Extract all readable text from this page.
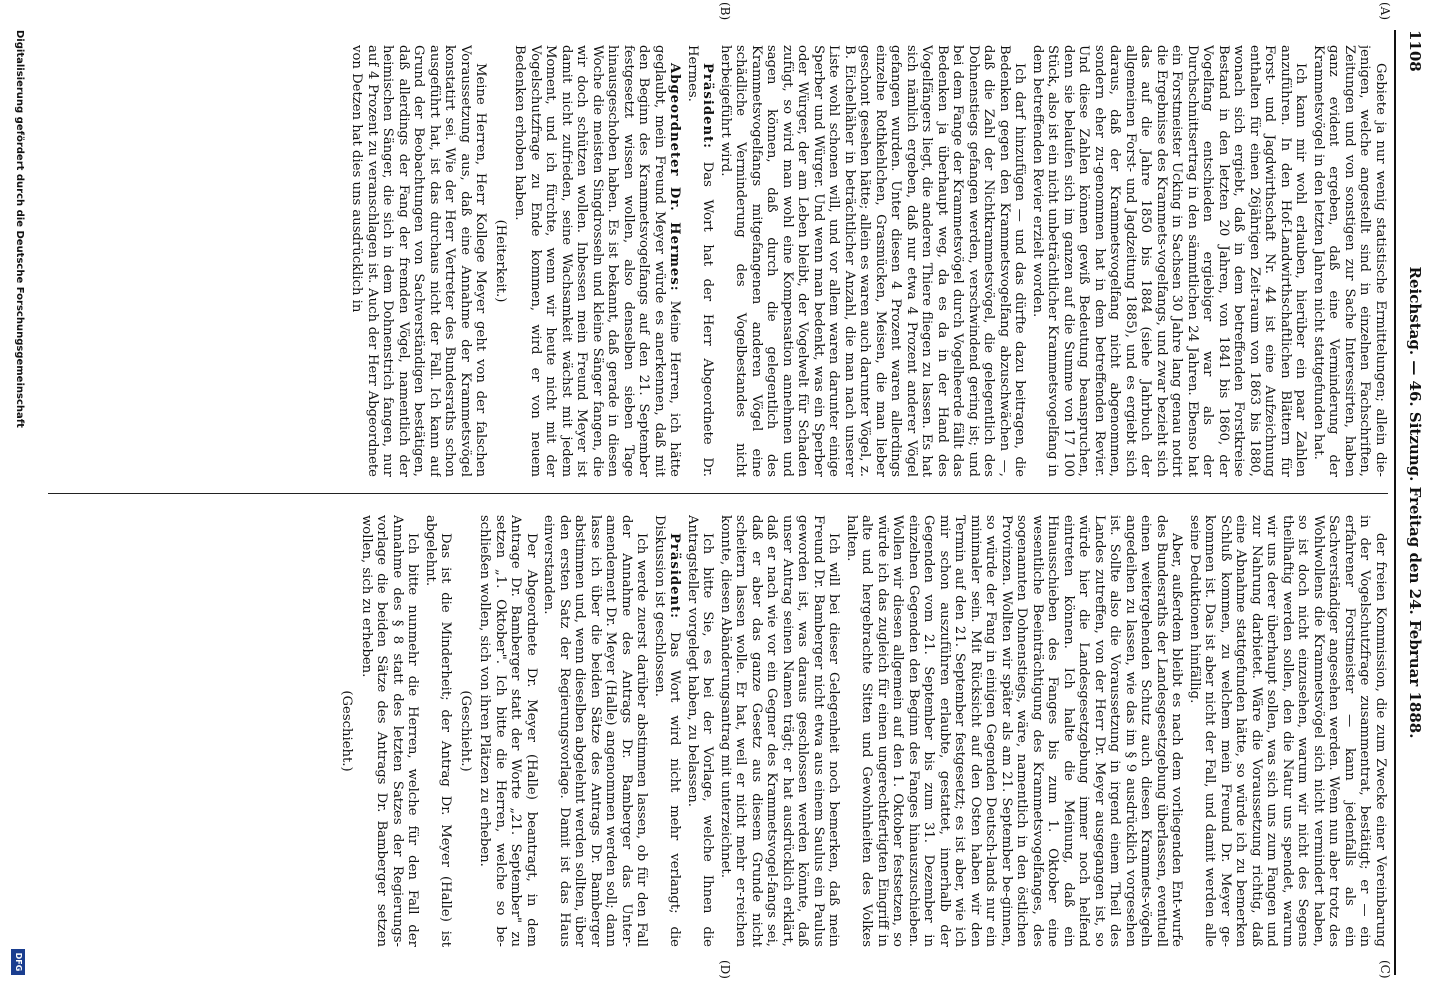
1108
Reichstag. — 46. Sitzung. Freitag den 24. Februar 1888.
(A)
(B)
(C)
(D)

Gebiete ja nur wenig statistische Ermittelungen; allein die-jenigen, welche angestellt sind in einzelnen Fachschriften, Zeitungen und von sonstigen zur Sache Interessirten, haben ganz evident ergeben, daß eine Verminderung der Krammetsvögel in den letzten Jahren nicht stattgefunden hat.

Ich kann mir wohl erlauben, hierüber ein paar Zahlen anzuführen. In den Hof-Landwirthschaftlichen Blättern für Forst- und Jagdwirthschaft Nr. 44 ist eine Aufzeichnung enthalten für einen 26jährigen Zeit-raum von 1863 bis 1880, wonach sich ergiebt, daß in dem betreffenden Forstkreise Bestand in den letzten 20 Jahren, von 1841 bis 1860, der Vogelfang entschieden ergiebiger war als der Durchschnittsertrag in den sämmtlichen 24 Jahren. Ebenso hat ein Forstmeister Ucking in Sachsen 30 Jahre lang genau notirt die Ergebnisse des Krammets-vogelfangs, und zwar bezieht sich das auf die Jahre 1850 bis 1884 (siehe Jahrbuch der allgemeinen Forst- und Jagdzeitung 1885), und es ergiebt sich daraus, daß der Krammetsvogelfang nicht abgenommen, sondern eher zu-genommen hat in dem betreffenden Revier. Und diese Zahlen können gewiß Bedeutung beanspruchen, denn sie belaufen sich im ganzen auf die Summe von 17 100 Stück, also ist ein nicht unbeträchtlicher Krammetsvogelfang in dem betreffenden Revier erzielt worden.

Ich darf hinzufügen — und das dürfte dazu beitragen, die Bedenken gegen den Krammetsvogelfang abzuschwächen —, daß die Zahl der Nichtkrammetsvögel, die gelegentlich des Dohnenstiegs gefangen werden, verschwindend gering ist; und bei dem Fange der Krammetsvögel durch Vogelheerde fällt das Bedenken ja überhaupt weg, da es da in der Hand des Vogelfängers liegt, die anderen Thiere fliegen zu lassen. Es hat sich nämlich ergeben, daß nur etwa 4 Prozent anderer Vögel gefangen wurden. Unter diesen 4 Prozent waren allerdings einzelne Rothkehlchen, Grasmücken, Meisen, die man lieber geschont gesehen hätte; allein es waren auch darunter Vögel, z. B. Eichelhäher in beträchtlicher Anzahl, die man nach unserer Liste wohl schonen will, und vor allem waren darunter einige Sperber und Würger. Und wenn man bedenkt, was ein Sperber oder Würger, der am Leben bleibt, der Vogelwelt für Schaden zufügt, so wird man wohl eine Kompensation annehmen und sagen können, daß durch die gelegentlich des Krammetsvogelfangs mitgefangenen anderen Vögel eine schädliche Verminderung des Vogelbestandes nicht herbeigeführt wird.

Präsident: Das Wort hat der Herr Abgeordnete Dr. Hermes.

Abgeordneter Dr. Hermes: Meine Herren, ich hätte geglaubt, mein Freund Meyer würde es anerkennen, daß mit den Beginn des Krammetsvogelfangs auf den 21. September festgesetzt wissen wollen, also denselben sieben Tage hinausgeschoben haben. Es ist bekannt, daß gerade in diesen Woche die meisten Singdrosseln und kleine Sänger fangen, die wir doch schützen wollen. Inbessen mein Freund Meyer ist damit nicht zufrieden, seine Wachsamkeit wächst mit jedem Moment, und ich fürchte, wenn wir heute nicht mit der Vogelschutzfrage zu Ende kommen, wird er von neuem Bedenken erhoben haben.

(Heiterkeit.)

Meine Herren, Herr Kollege Meyer geht von der falschen Voraussetzung aus, daß eine Annahme der Krammetsvögel konstatirt sei. Wie der Herr Vertreter des Bundesraths schon ausgeführt hat, ist das durchaus nicht der Fall. Ich kann auf Grund der Beobachtungen von Sachverständigen bestätigen, daß allerdings der Fang der fremden Vögel, namentlich der heimischen Sänger, die sich in dem Dohnenstrich fangen, nur auf 4 Prozent zu veranschlagen ist. Auch der Herr Abgeordnete von Detzen hat dies uns ausdrücklich in

der freien Kommission, die zum Zwecke einer Vereinbarung in der Vogelschutzfrage zusammentrat, bestätigt; er — ein erfahrener Forstmeister — kann jedenfalls als ein Sachverständiger angesehen werden. Wenn nun aber trotz des Wohlwollens die Krammetsvögel sich nicht vermindert haben, so ist doch nicht einzusehen, warum wir nicht des Segens theilhaftig werden sollen, den die Natur uns spendet, warum wir uns derer überhaupt sollen, was sich uns zum Fangen und zur Nahrung darbietet. Wäre die Voraussetzung richtig, daß eine Abnahme stattgefunden hätte, so würde ich zu bemerken Schluß kommen, zu welchem mein Freund Dr. Meyer ge-kommen ist. Das ist aber nicht der Fall, und damit werden alle seine Deduktionen hinfällig.

Aber, außerdem bleibt es nach dem vorliegenden Ent-wurfe des Bundesraths der Landesgesetzgebung überlassen, eventuell einen weitergehenden Schutz auch diesen Krammets-vögeln angedeihen zu lassen, wie das im § 9 ausdrücklich vorgesehen ist. Sollte also die Voraussetzung in irgend einem Theil des Landes zutreffen, von der Herr Dr. Meyer ausgegangen ist, so würde hier die Landesgesetzgebung immer noch helfend eintreten können. Ich halte die Meinung, daß ein Hinausschieben des Fanges bis zum 1. Oktober eine wesentliche Beeinträchtigung des Krammetsvogelfanges, des sogenannten Dohnenstiegs, wäre, namentlich in den östlichen Provinzen. Wollten wir später als am 21. September be-ginnen, so würde der Fang in einigen Gegenden Deutsch-lands nur ein minimaler sein. Mit Rücksicht auf den Osten haben wir den Termin auf den 21. September festgesetzt; es ist aber, wie ich mir schon auszuführen erlaubte, gestattet, innerhalb der Gegenden vom 21. September bis zum 31. Dezember in einzelnen Gegenden den Beginn des Fanges hinauszuschieben. Wollen wir diesen allgemein auf den 1. Oktober festsetzen, so würde ich das zugleich für einen ungerechtfertigten Eingriff in alte und hergebrachte Sitten und Gewohnheiten des Volkes halten.

Ich will bei dieser Gelegenheit noch bemerken, daß mein Freund Dr. Bamberger nicht etwa aus einem Saulus ein Paulus geworden ist, was daraus geschlossen werden könnte, daß unser Antrag seinen Namen trägt; er hat ausdrücklich erklärt, daß er nach wie vor ein Gegner des Krammetsvogel-fangs sei, daß er aber das ganze Gesetz aus diesem Grunde nicht scheitern lassen wolle. Er hat, weil er nicht mehr er-reichen konnte, diesen Abänderungsantrag mit unterzeichnet.

Ich bitte Sie, es bei der Vorlage, welche Ihnen die Antragsteller vorgelegt haben, zu belassen.

Präsident: Das Wort wird nicht mehr verlangt; die Diskussion ist geschlossen.

Ich werde zuerst darüber abstimmen lassen, ob für den Fall der Annahme des Antrags Dr. Bamberger das Unter-amendement Dr. Meyer (Halle) angenommen werden soll; dann lasse ich über die beiden Sätze des Antrags Dr. Bamberger abstimmen und, wenn dieselben abgelehnt werden sollten, über den ersten Satz der Regierungsvorlage. Damit ist das Haus einverstanden.

Der Abgeordnete Dr. Meyer (Halle) beantragt, in dem Antrage Dr. Bamberger statt der Worte „21. September" zu setzen „1. Oktober". Ich bitte die Herren, welche so be-schließen wollen, sich von ihren Plätzen zu erheben.

(Geschieht.)

Das ist die Minderheit; der Antrag Dr. Meyer (Halle) ist abgelehnt.

Ich bitte nunmehr die Herren, welche für den Fall der Annahme des § 8 statt des letzten Satzes der Regierungs-vorlage die beiden Sätze des Antrags Dr. Bamberger setzen wollen, sich zu erheben.

(Geschieht.)

Digitalisierung gefördert durch die Deutsche Forschungsgemeinschaft
DFG
